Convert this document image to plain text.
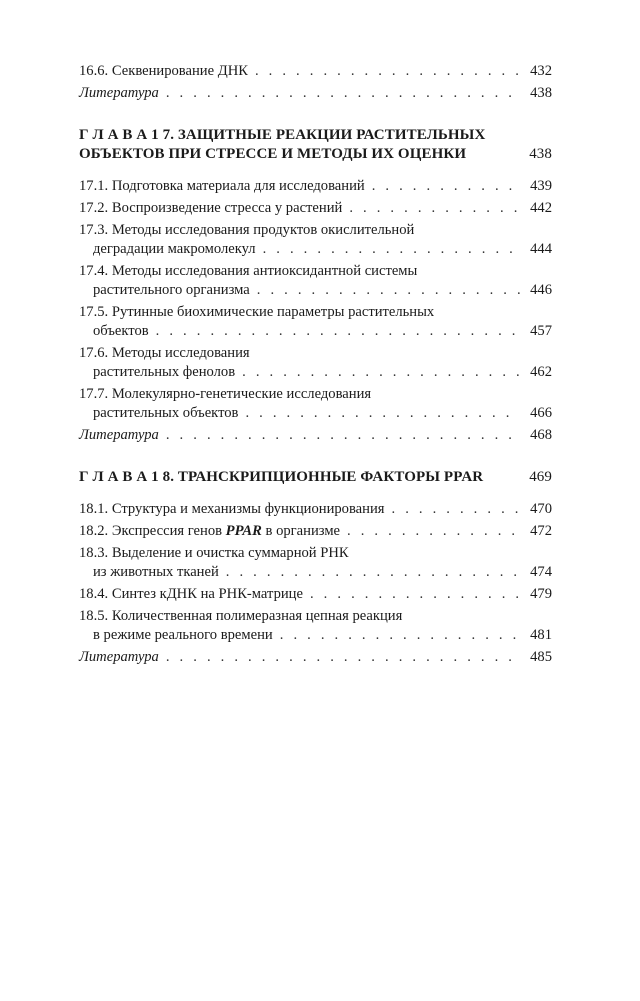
16.6. Секвенирование ДНК . . .	432
Литература . . .	438
Г Л А В А 1 7. ЗАЩИТНЫЕ РЕАКЦИИ РАСТИТЕЛЬНЫХ
ОБЪЕКТОВ ПРИ СТРЕССЕ И МЕТОДЫ ИХ ОЦЕНКИ	438
17.1. Подготовка материала для исследований . . .	439
17.2. Воспроизведение стресса у растений . . .	442
17.3. Методы исследования продуктов окислительной
деградации макромолекул . . .	444
17.4. Методы исследования антиоксидантной системы
растительного организма . . .	446
17.5. Рутинные биохимические параметры растительных
объектов . . .	457
17.6. Методы исследования
растительных фенолов . . .	462
17.7. Молекулярно-генетические исследования
растительных объектов . . .	466
Литература . . .	468
Г Л А В А 1 8. ТРАНСКРИПЦИОННЫЕ ФАКТОРЫ PPAR	469
18.1. Структура и механизмы функционирования . . .	470
18.2. Экспрессия генов PPAR в организме . . .	472
18.3. Выделение и очистка суммарной РНК
из животных тканей . . .	474
18.4. Синтез кДНК на РНК-матрице . . .	479
18.5. Количественная полимеразная цепная реакция
в режиме реального времени . . .	481
Литература . . .	485
